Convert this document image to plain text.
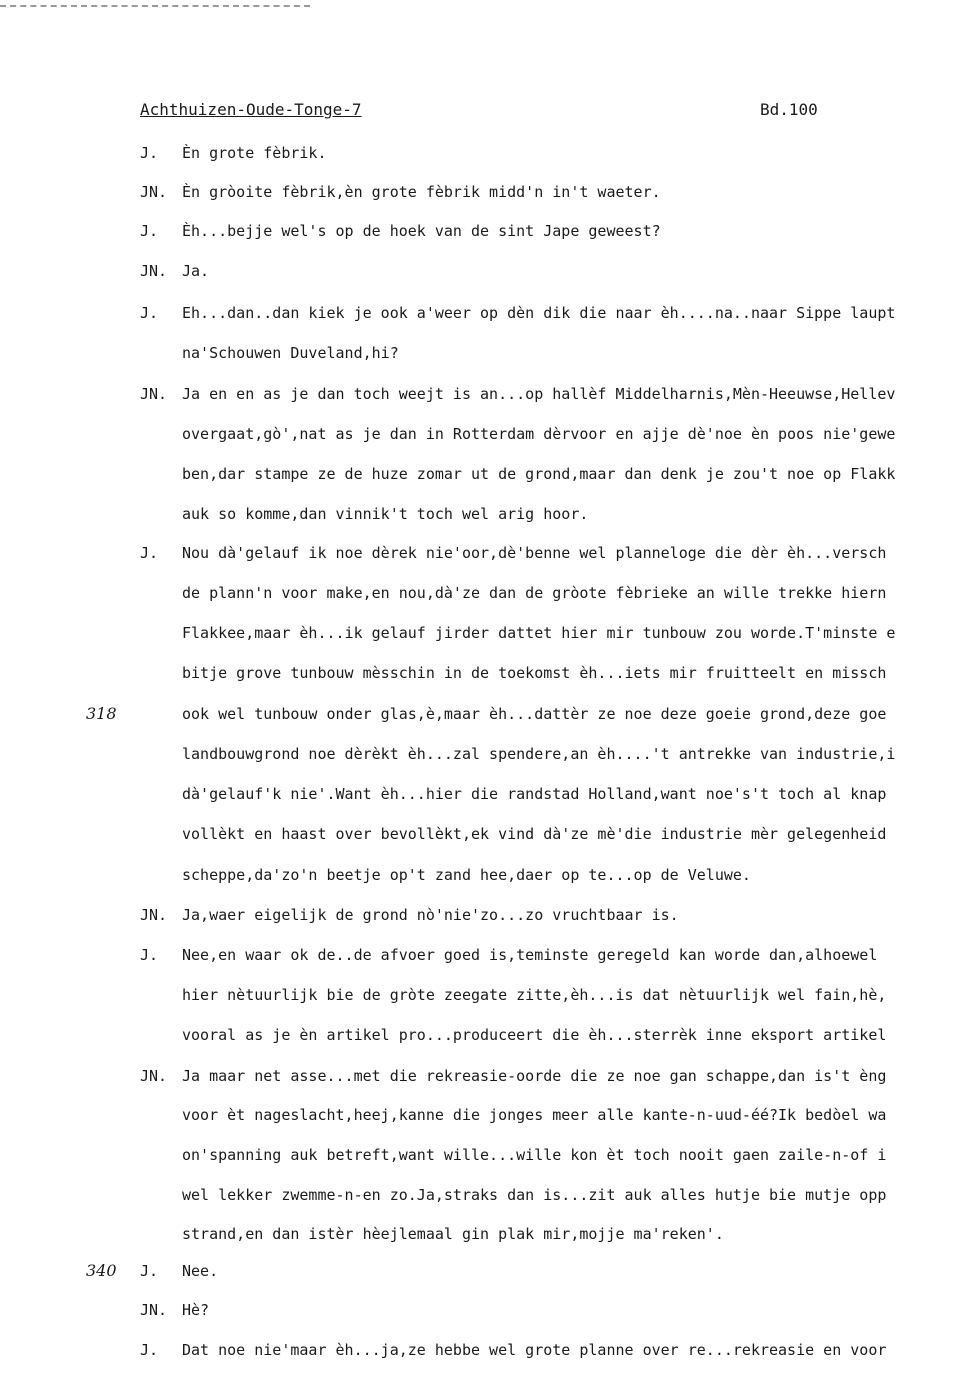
Achthuizen-Oude-Tonge-7	Bd.100
318
340
J. Èn grote fèbrik.
JN. Èn gròoite fèbrik,èn grote fèbrik midd'n in't waeter.
J. Èh...bejje wel's op de hoek van de sint Jape geweest?
JN. Ja.
J. Eh...dan..dan kiek je ook a'weer op dèn dik die naar èh....na..naar Sippe laupt
na'Schouwen Duveland,hi?
JN. Ja en en as je dan toch weejt is an...op hallèf Middelharnis,Mèn-Heeuwse,Hellev
overgaat,gò',nat as je dan in Rotterdam dèrvoor en ajje dè'noe èn poos nie'gewe
ben,dar stampe ze de huze zomar ut de grond,maar dan denk je zou't noe op Flakk
auk so komme,dan vinnik't toch wel arig hoor.
J. Nou dà'gelauf ik noe dèrek nie'oor,dè'benne wel planneloge die dèr èh...versch
de plann'n voor make,en nou,dà'ze dan de gròote fèbrieke an wille trekke hiern
Flakkee,maar èh...ik gelauf jirder dattet hier mir tunbouw zou worde.T'minste e
bitje grove tunbouw mèsschin in de toekomst èh...iets mir fruitteelt en missch
ook wel tunbouw onder glas,è,maar èh...dattèr ze noe deze goeie grond,deze goe
landbouwgrond noe dèrèkt èh...zal spendere,an èh....'t antrekke van industrie,i
dà'gelauf'k nie'.Want èh...hier die randstad Holland,want noe's't toch al knap
vollèkt en haast over bevollèkt,ek vind dà'ze mè'die industrie mèr gelegenheid
scheppe,da'zo'n beetje op't zand hee,daer op te...op de Veluwe.
JN. Ja,waer eigelijk de grond nò'nie'zo...zo vruchtbaar is.
J. Nee,en waar ok de..de afvoer goed is,teminste geregeld kan worde dan,alhoewel
hier nètuurlijk bie de gròte zeegate zitte,èh...is dat nètuurlijk wel fain,hè,
vooral as je èn artikel pro...produceert die èh...sterrèk inne eksport artikel
JN. Ja maar net asse...met die rekreasie-oorde die ze noe gan schappe,dan is't èng
voor èt nageslacht,heej,kanne die jonges meer alle kante-n-uud-éé?Ik bedòel wa
on'spanning auk betreft,want wille...wille kon èt toch nooit gaen zaile-n-of i
wel lekker zwemme-n-en zo.Ja,straks dan is...zit auk alles hutje bie mutje opp
strand,en dan istèr hèejlemaal gin plak mir,mojje ma'reken'.
J. Nee.
JN. Hè?
J. Dat noe nie'maar èh...ja,ze hebbe wel grote planne over re...rekreasie en voor
